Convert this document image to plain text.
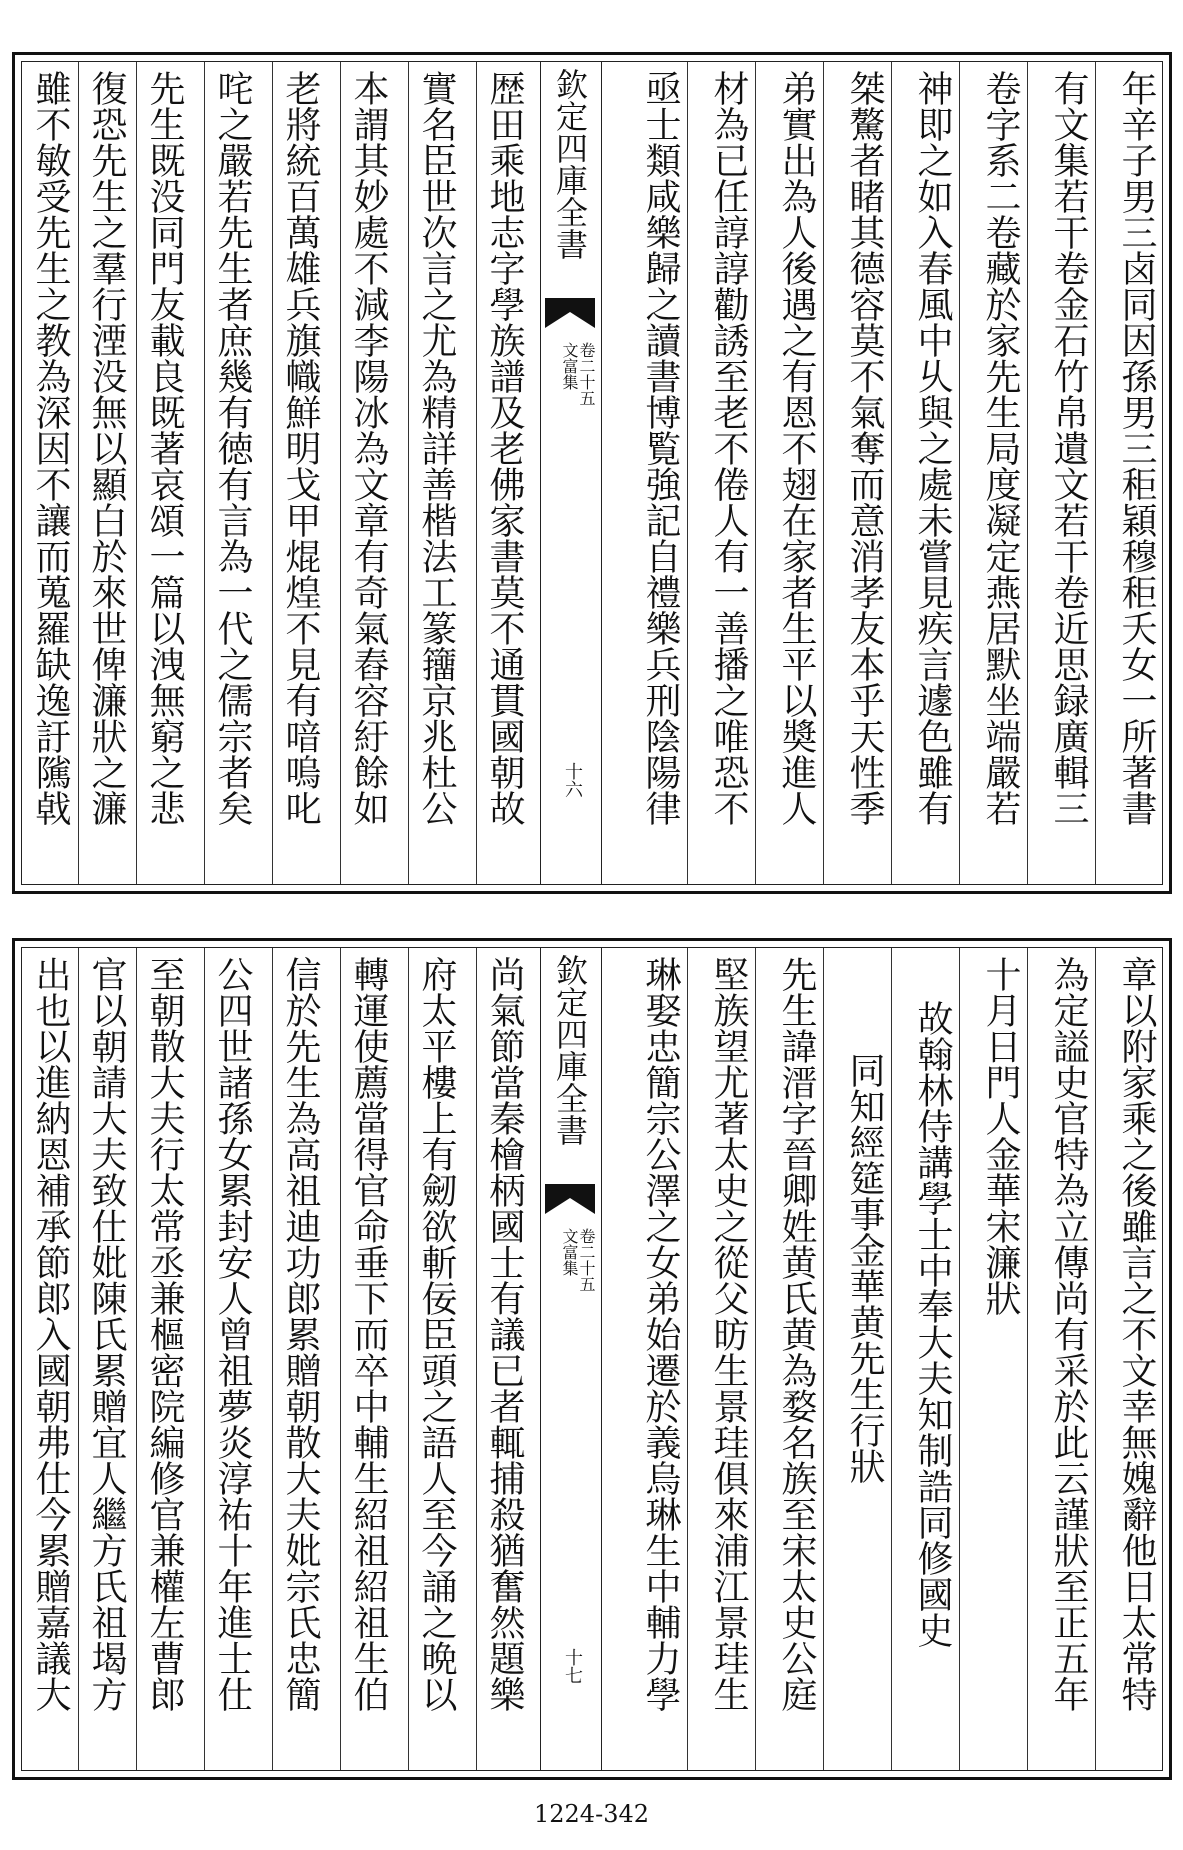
年辛子男三卤同因孫男三秬穎穆秬夭女一所著書
有文集若干卷金石竹帛遺文若干卷近思録廣輯三
卷字系二卷藏於家先生局度凝定燕居默坐端嚴若
神即之如入春風中乆與之處未嘗見疾言遽色雖有
桀驁者睹其德容莫不氣奪而意消孝友本乎天性季
弟實出為人後遇之有恩不翅在家者生平以奬進人
材為已任諄諄勸誘至老不倦人有一善播之唯恐不
亟士類咸樂歸之讀書博覧強記自禮樂兵刑陰陽律
欽定四庫全書
文富集
卷二十五
十六
歴田乘地志字學族譜及老佛家書莫不通貫國朝故
實名臣世次言之尤為精詳善楷法工篆籒京兆杜公
本謂其妙處不減李陽冰為文章有奇氣舂容紆餘如
老將統百萬雄兵旗幟鮮明戈甲焜煌不見有喑嗚叱
咤之嚴若先生者庶幾有徳有言為一代之儒宗者矣
先生既没同門友載良既著哀頌一篇以洩無窮之悲
復恐先生之羣行湮没無以顯白於來世俾濂狀之濂
雖不敏受先生之教為深因不讓而蒐羅缺逸訏隲㦸
章以附家乘之後雖言之不文幸無媿辭他日太常特
為定謚史官特為立傳尚有采於此云謹狀至正五年
十月日門人金華宋濂狀
故翰林侍講學士中奉大夫知制誥同修國史
同知經筵事金華黄先生行狀
先生諱溍字晉卿姓黄氏黄為婺名族至宋太史公庭
堅族望尤著太史之從父昉生景珪俱來浦江景珪生
琳娶忠簡宗公澤之女弟始遷於義烏琳生中輔力學
欽定四庫全書
文富集
卷二十五
十七
尚氣節當秦檜柄國士有議已者輒捕殺猶奮然題樂
府太平樓上有劒欲斬佞臣頭之語人至今誦之晩以
轉運使薦當得官命垂下而卒中輔生紹祖紹祖生伯
信於先生為高祖迪功郎累贈朝散大夫妣宗氏忠簡
公四世諸孫女累封安人曾祖夢炎淳祐十年進士仕
至朝散大夫行太常丞兼樞密院編修官兼權左曹郎
官以朝請大夫致仕妣陳氏累贈宜人繼方氏祖堨方
出也以進納恩補承節郎入國朝弗仕今累贈嘉議大
1224-342
